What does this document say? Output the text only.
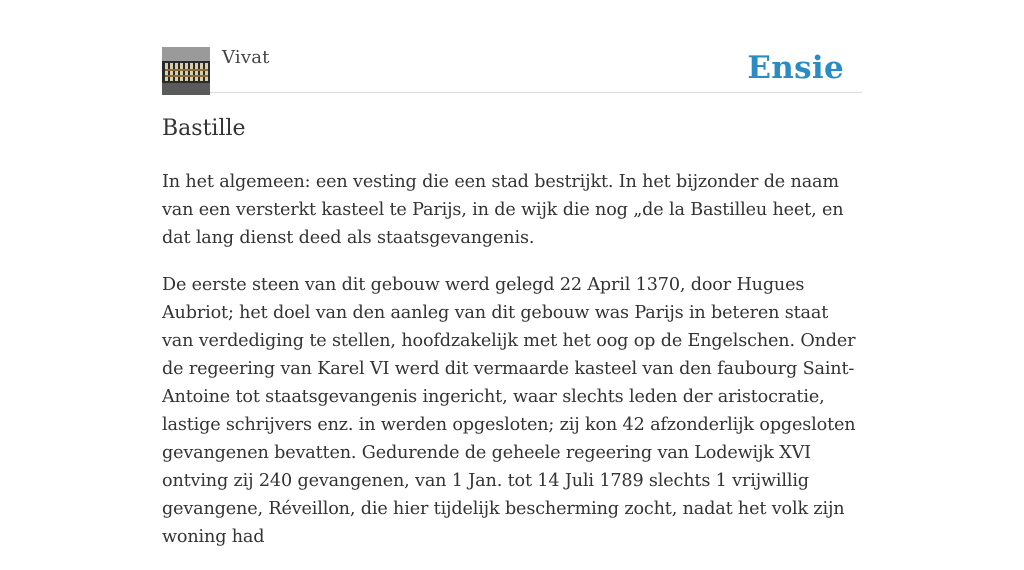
Vivat	Ensie
Bastille

In het algemeen: een vesting die een stad bestrijkt. In het bijzonder de naam van een versterkt kasteel te Parijs, in de wijk die nog „de la Bastilleu heet, en dat lang dienst deed als staatsgevangenis.

De eerste steen van dit gebouw werd gelegd 22 April 1370, door Hugues Aubriot; het doel van den aanleg van dit gebouw was Parijs in beteren staat van verdediging te stellen, hoofdzakelijk met het oog op de Engelschen. Onder de regeering van Karel VI werd dit vermaarde kasteel van den faubourg Saint-Antoine tot staatsgevangenis ingericht, waar slechts leden der aristocratie, lastige schrijvers enz. in werden opgesloten; zij kon 42 afzonderlijk opgesloten gevangenen bevatten. Gedurende de geheele regeering van Lodewijk XVI ontving zij 240 gevangenen, van 1 Jan. tot 14 Juli 1789 slechts 1 vrijwillig gevangene, Réveillon, die hier tijdelijk bescherming zocht, nadat het volk zijn woning had
